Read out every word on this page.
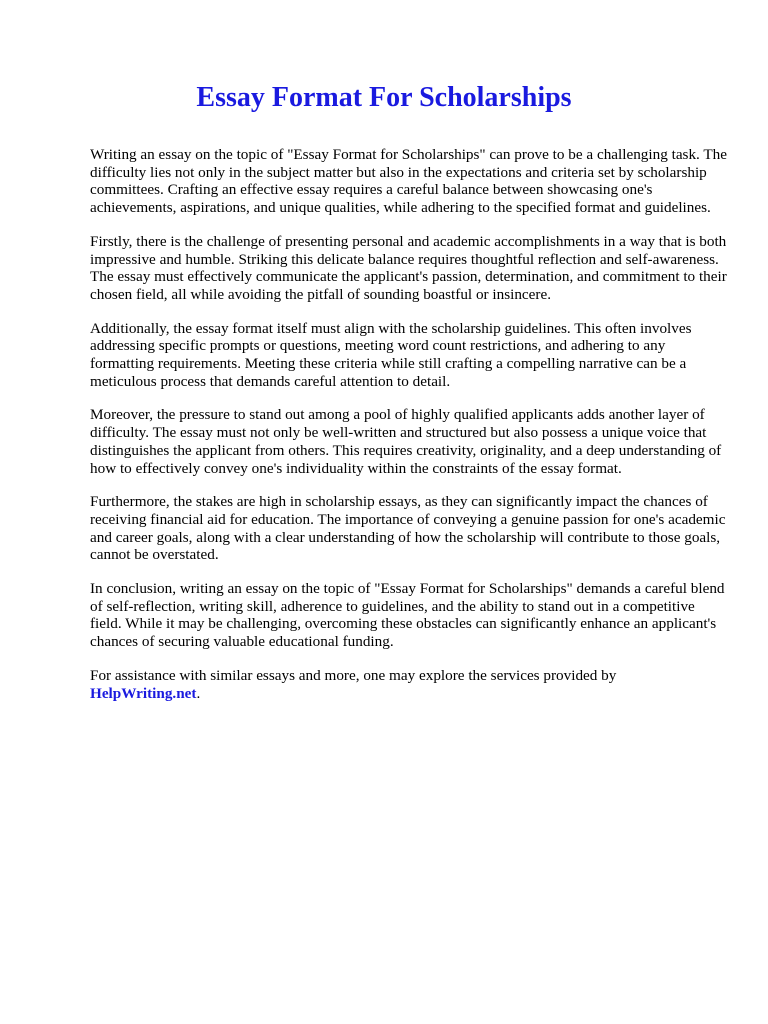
Essay Format For Scholarships

Writing an essay on the topic of "Essay Format for Scholarships" can prove to be a challenging task. The difficulty lies not only in the subject matter but also in the expectations and criteria set by scholarship committees. Crafting an effective essay requires a careful balance between showcasing one's achievements, aspirations, and unique qualities, while adhering to the specified format and guidelines.

Firstly, there is the challenge of presenting personal and academic accomplishments in a way that is both impressive and humble. Striking this delicate balance requires thoughtful reflection and self-awareness. The essay must effectively communicate the applicant's passion, determination, and commitment to their chosen field, all while avoiding the pitfall of sounding boastful or insincere.

Additionally, the essay format itself must align with the scholarship guidelines. This often involves addressing specific prompts or questions, meeting word count restrictions, and adhering to any formatting requirements. Meeting these criteria while still crafting a compelling narrative can be a meticulous process that demands careful attention to detail.

Moreover, the pressure to stand out among a pool of highly qualified applicants adds another layer of difficulty. The essay must not only be well-written and structured but also possess a unique voice that distinguishes the applicant from others. This requires creativity, originality, and a deep understanding of how to effectively convey one's individuality within the constraints of the essay format.

Furthermore, the stakes are high in scholarship essays, as they can significantly impact the chances of receiving financial aid for education. The importance of conveying a genuine passion for one's academic and career goals, along with a clear understanding of how the scholarship will contribute to those goals, cannot be overstated.

In conclusion, writing an essay on the topic of "Essay Format for Scholarships" demands a careful blend of self-reflection, writing skill, adherence to guidelines, and the ability to stand out in a competitive field. While it may be challenging, overcoming these obstacles can significantly enhance an applicant's chances of securing valuable educational funding.

For assistance with similar essays and more, one may explore the services provided by
HelpWriting.net.
